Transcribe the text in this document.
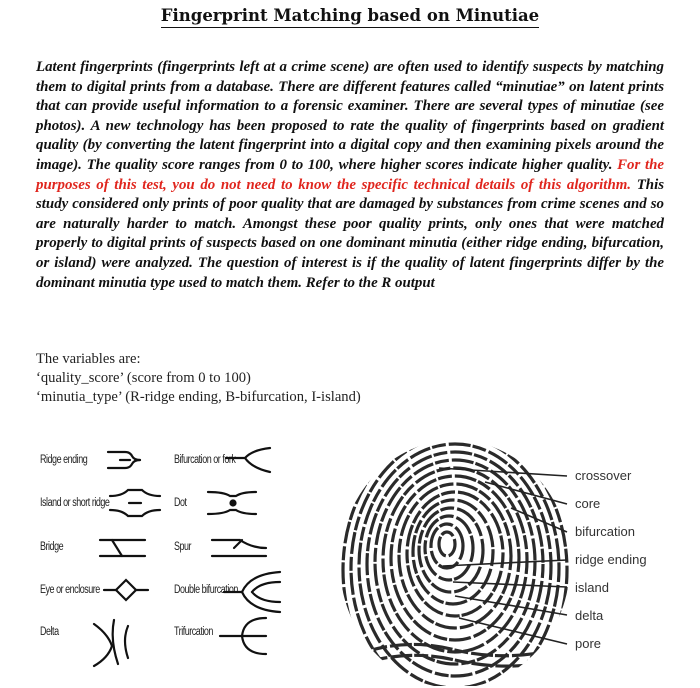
Fingerprint Matching based on Minutiae
Latent fingerprints (fingerprints left at a crime scene) are often used to identify suspects by matching them to digital prints from a database. There are different features called “minutiae” on latent prints that can provide useful information to a forensic examiner. There are several types of minutiae (see photos). A new technology has been proposed to rate the quality of fingerprints based on gradient quality (by converting the latent fingerprint into a digital copy and then examining pixels around the image). The quality score ranges from 0 to 100, where higher scores indicate higher quality. For the purposes of this test, you do not need to know the specific technical details of this algorithm. This study considered only prints of poor quality that are damaged by substances from crime scenes and so are naturally harder to match. Amongst these poor quality prints, only ones that were matched properly to digital prints of suspects based on one dominant minutia (either ridge ending, bifurcation, or island) were analyzed. The question of interest is if the quality of latent fingerprints differ by the dominant minutia type used to match them. Refer to the R output
The variables are:
‘quality_score’ (score from 0 to 100)
‘minutia_type’ (R-ridge ending, B-bifurcation, I-island)
Ridge ending
Island or short ridge
Bridge
Eye or enclosure
Delta
Bifurcation or fork
Dot
Spur
Double bifurcation
Trifurcation
crossover
core
bifurcation
ridge ending
island
delta
pore
